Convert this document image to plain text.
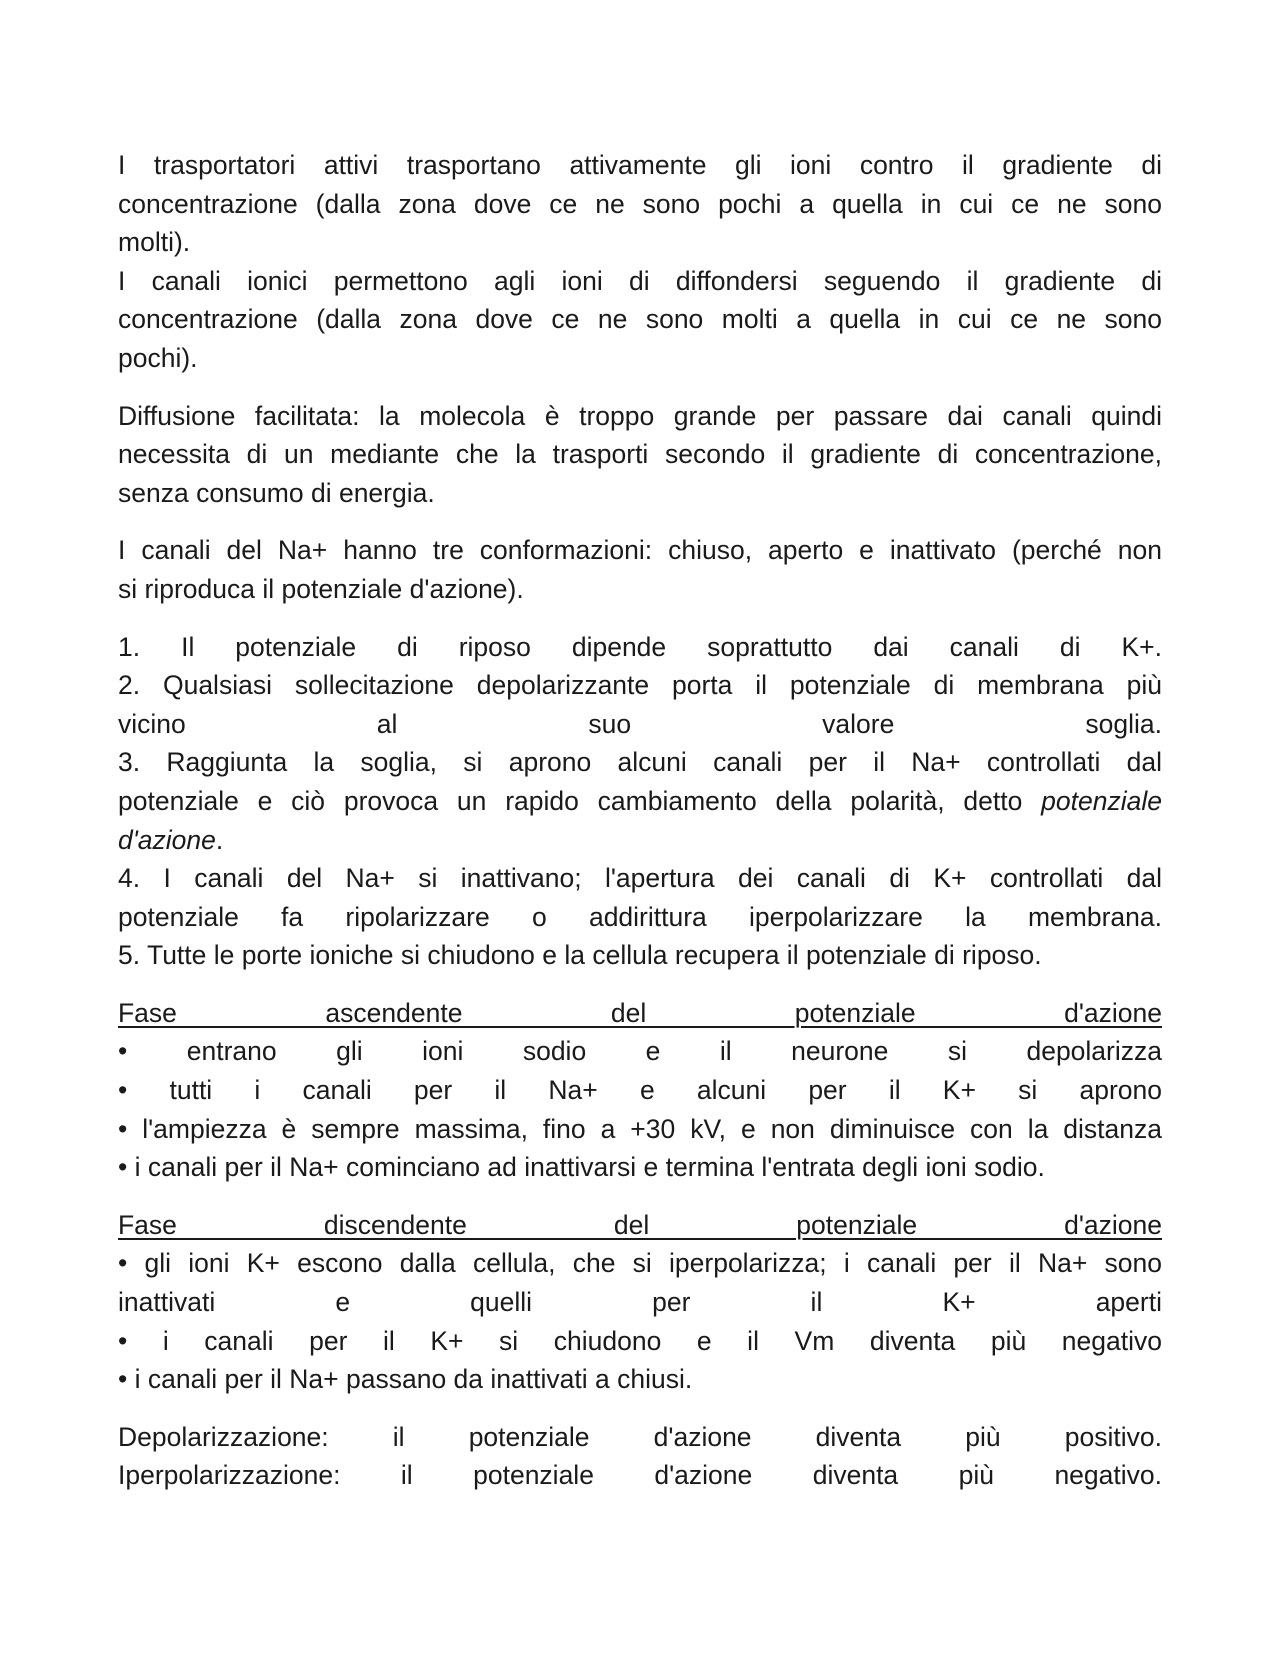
I trasportatori attivi trasportano attivamente gli ioni contro il gradiente di
concentrazione (dalla zona dove ce ne sono pochi a quella in cui ce ne sono
molti).
I canali ionici permettono agli ioni di diffondersi seguendo il gradiente di
concentrazione (dalla zona dove ce ne sono molti a quella in cui ce ne sono
pochi).
Diffusione facilitata: la molecola è troppo grande per passare dai canali quindi
necessita di un mediante che la trasporti secondo il gradiente di concentrazione,
senza consumo di energia.
I canali del Na+ hanno tre conformazioni: chiuso, aperto e inattivato (perché non
si riproduca il potenziale d'azione).
1. Il potenziale di riposo dipende soprattutto dai canali di K+.
2. Qualsiasi sollecitazione depolarizzante porta il potenziale di membrana più
vicino al suo valore soglia.
3. Raggiunta la soglia, si aprono alcuni canali per il Na+ controllati dal
potenziale e ciò provoca un rapido cambiamento della polarità, detto potenziale
d'azione.
4. I canali del Na+ si inattivano; l'apertura dei canali di K+ controllati dal
potenziale fa ripolarizzare o addirittura iperpolarizzare la membrana.
5. Tutte le porte ioniche si chiudono e la cellula recupera il potenziale di riposo.
Fase ascendente del potenziale d'azione
• entrano gli ioni sodio e il neurone si depolarizza
• tutti i canali per il Na+ e alcuni per il K+ si aprono
• l'ampiezza è sempre massima, fino a +30 kV, e non diminuisce con la distanza
• i canali per il Na+ cominciano ad inattivarsi e termina l'entrata degli ioni sodio.
Fase discendente del potenziale d'azione
• gli ioni K+ escono dalla cellula, che si iperpolarizza; i canali per il Na+ sono
inattivati e quelli per il K+ aperti
• i canali per il K+ si chiudono e il Vm diventa più negativo
• i canali per il Na+ passano da inattivati a chiusi.
Depolarizzazione: il potenziale d'azione diventa più positivo.
Iperpolarizzazione: il potenziale d'azione diventa più negativo.
